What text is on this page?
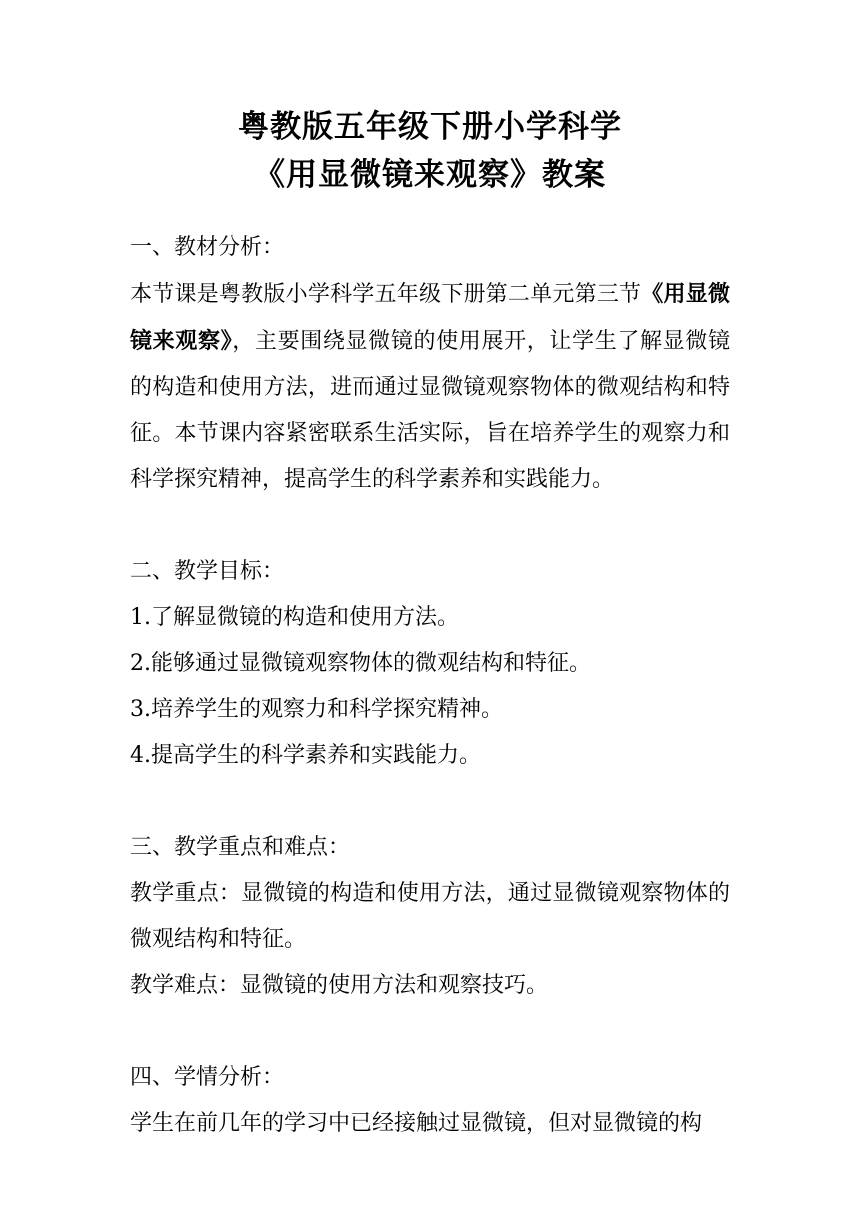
粤教版五年级下册小学科学
《用显微镜来观察》教案

一、教材分析：

本节课是粤教版小学科学五年级下册第二单元第三节《用显微镜来观察》，主要围绕显微镜的使用展开，让学生了解显微镜的构造和使用方法，进而通过显微镜观察物体的微观结构和特征。本节课内容紧密联系生活实际，旨在培养学生的观察力和科学探究精神，提高学生的科学素养和实践能力。

二、教学目标：

1.了解显微镜的构造和使用方法。

2.能够通过显微镜观察物体的微观结构和特征。

3.培养学生的观察力和科学探究精神。

4.提高学生的科学素养和实践能力。

三、教学重点和难点：

教学重点：显微镜的构造和使用方法，通过显微镜观察物体的微观结构和特征。

教学难点：显微镜的使用方法和观察技巧。

四、学情分析：

学生在前几年的学习中已经接触过显微镜，但对显微镜的构
